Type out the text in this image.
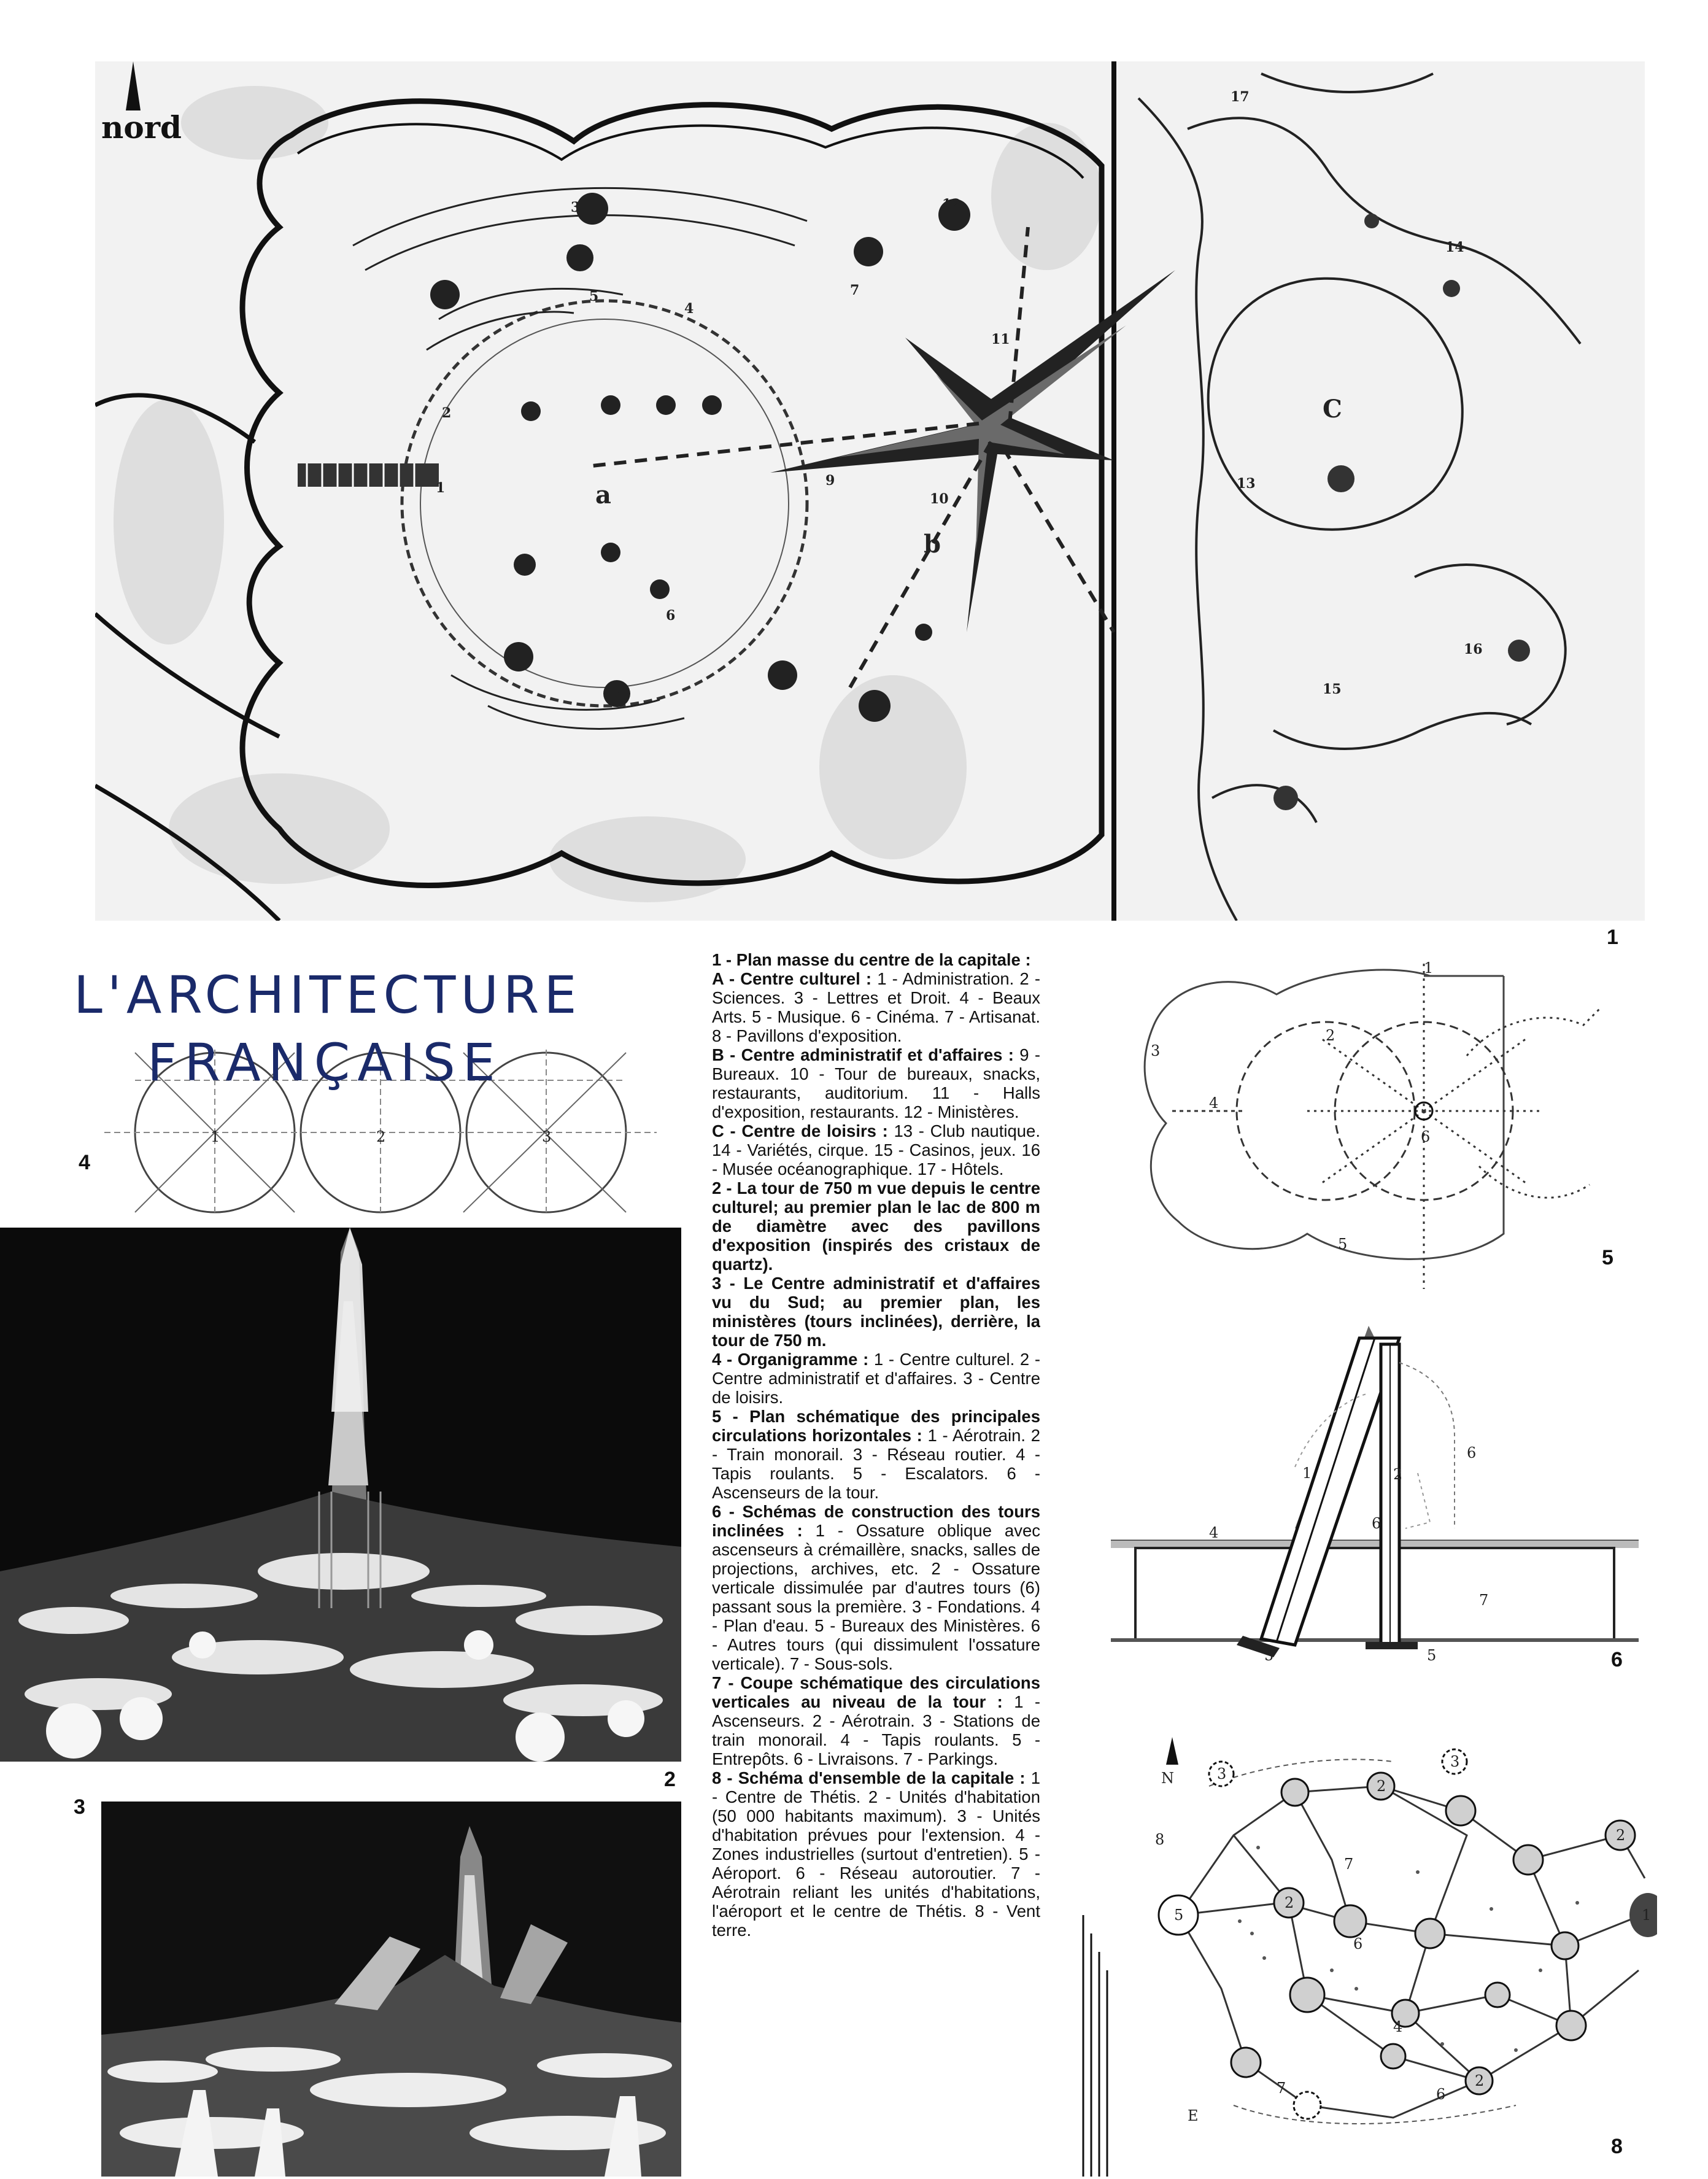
nord
a
b
C
1
2
3
4
5
6
7
8
9
10
11
12
13
14
15
16
17
1
L'ARCHITECTURE
FRANÇAISE
1	2	3
4
2
3

1 - Plan masse du centre de la capitale :
A - Centre culturel : 1 - Administration. 2 - Sciences. 3 - Lettres et Droit. 4 - Beaux Arts. 5 - Musique. 6 - Cinéma. 7 - Artisanat. 8 - Pavillons d'exposition.
B - Centre administratif et d'affaires : 9 - Bureaux. 10 - Tour de bureaux, snacks, restaurants, auditorium. 11 - Halls d'exposition, restaurants. 12 - Ministères.
C - Centre de loisirs : 13 - Club nautique. 14 - Variétés, cirque. 15 - Casinos, jeux. 16 - Musée océanographique. 17 - Hôtels.

2 - La tour de 750 m vue depuis le centre culturel; au premier plan le lac de 800 m de diamètre avec des pavillons d'exposition (inspirés des cristaux de quartz).

3 - Le Centre administratif et d'affaires vu du Sud; au premier plan, les ministères (tours inclinées), derrière, la tour de 750 m.

4 - Organigramme : 1 - Centre culturel. 2 - Centre administratif et d'affaires. 3 - Centre de loisirs.

5 - Plan schématique des principales circulations horizontales : 1 - Aérotrain. 2 - Train monorail. 3 - Réseau routier. 4 - Tapis roulants. 5 - Escalators. 6 - Ascenseurs de la tour.

6 - Schémas de construction des tours inclinées : 1 - Ossature oblique avec ascenseurs à crémaillère, snacks, salles de projections, archives, etc. 2 - Ossature verticale dissimulée par d'autres tours (6) passant sous la première. 3 - Fondations. 4 - Plan d'eau. 5 - Bureaux des Ministères. 6 - Autres tours (qui dissimulent l'ossature verticale). 7 - Sous-sols.

7 - Coupe schématique des circulations verticales au niveau de la tour : 1 - Ascenseurs. 2 - Aérotrain. 3 - Stations de train monorail. 4 - Tapis roulants. 5 - Entrepôts. 6 - Livraisons. 7 - Parkings.

8 - Schéma d'ensemble de la capitale : 1 - Centre de Thétis. 2 - Unités d'habitation (50 000 habitants maximum). 3 - Unités d'habitation prévues pour l'extension. 4 - Zones industrielles (surtout d'entretien). 5 - Aéroport. 6 - Réseau autoroutier. 7 - Aérotrain reliant les unités d'habitations, l'aéroport et le centre de Thétis. 8 - Vent terre.

1
2
3
4
5
6
5
1	2
4
5	5
6
6
7
6
N
5
3
3
2
2
2
2
8
7
7
6
6
4
1
E
8
